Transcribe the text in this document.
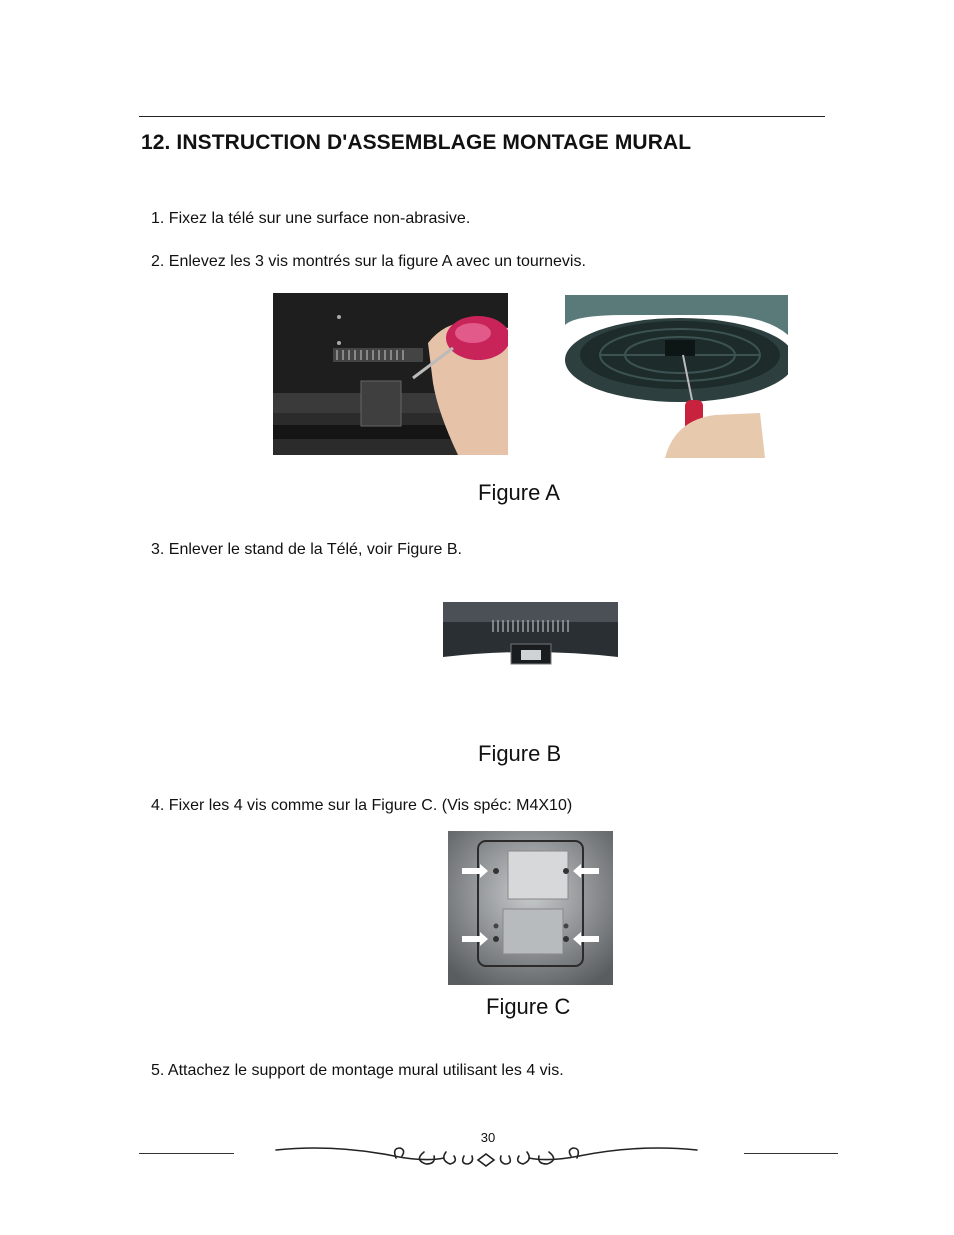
12. INSTRUCTION D'ASSEMBLAGE MONTAGE MURAL
1. Fixez la télé sur une surface non-abrasive.
2. Enlevez les 3 vis montrés sur la figure A avec un tournevis.
Figure A
3. Enlever le stand de la Télé, voir Figure B.
Figure B
4. Fixer les 4 vis comme sur la Figure C. (Vis spéc: M4X10)
Figure C
5. Attachez le support de montage mural utilisant les 4 vis.
30
